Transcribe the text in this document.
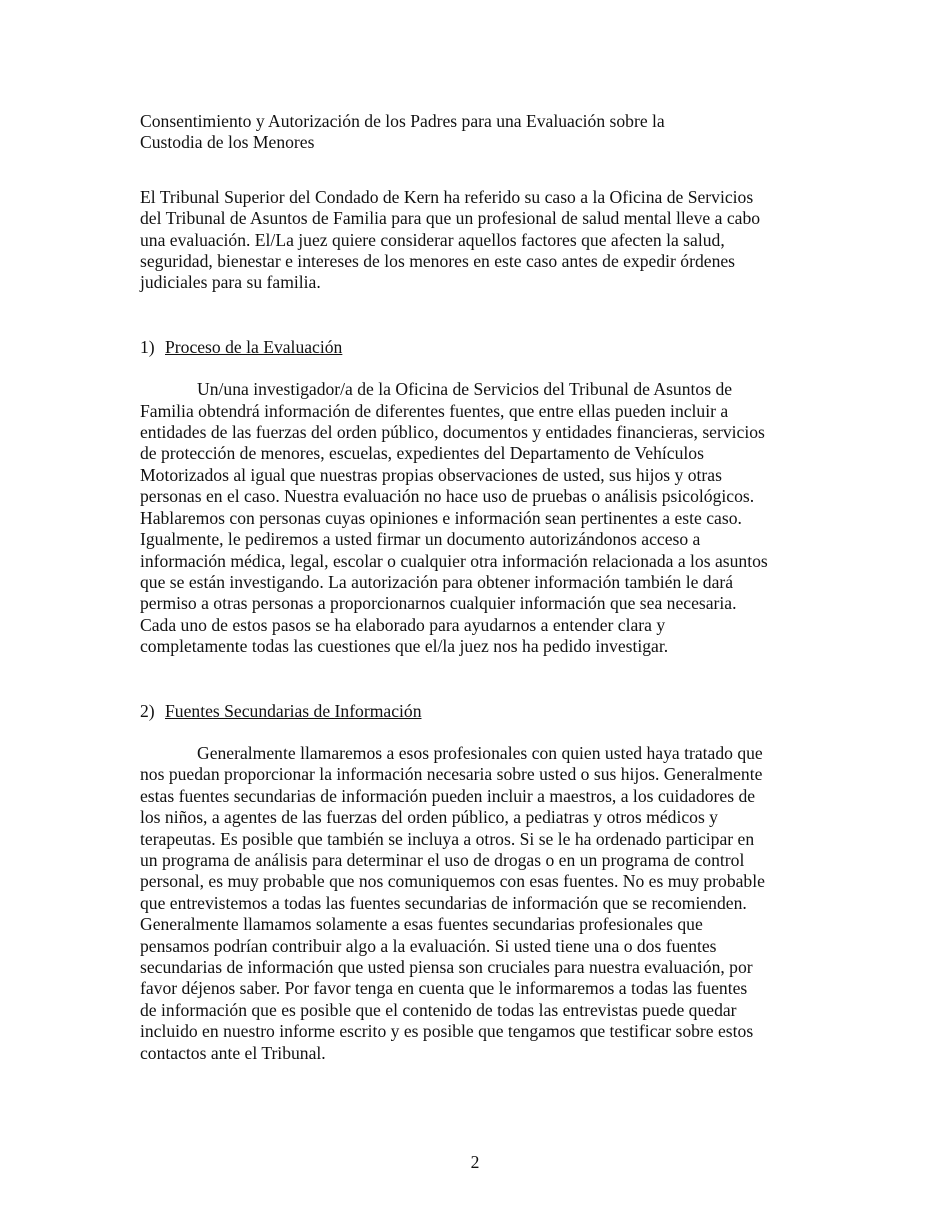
Consentimiento y Autorización de los Padres para una Evaluación sobre la
Custodia de los Menores

El Tribunal Superior del Condado de Kern ha referido su caso a la Oficina de Servicios
del Tribunal de Asuntos de Familia para que un profesional de salud mental lleve a cabo
una evaluación. El/La juez quiere considerar aquellos factores que afecten la salud,
seguridad, bienestar e intereses de los menores en este caso antes de expedir órdenes
judiciales para su familia.

1) Proceso de la Evaluación

Un/una investigador/a de la Oficina de Servicios del Tribunal de Asuntos de
Familia obtendrá información de diferentes fuentes, que entre ellas pueden incluir a
entidades de las fuerzas del orden público, documentos y entidades financieras, servicios
de protección de menores, escuelas, expedientes del Departamento de Vehículos
Motorizados al igual que nuestras propias observaciones de usted, sus hijos y otras
personas en el caso. Nuestra evaluación no hace uso de pruebas o análisis psicológicos.
Hablaremos con personas cuyas opiniones e información sean pertinentes a este caso.
Igualmente, le pediremos a usted firmar un documento autorizándonos acceso a
información médica, legal, escolar o cualquier otra información relacionada a los asuntos
que se están investigando. La autorización para obtener información también le dará
permiso a otras personas a proporcionarnos cualquier información que sea necesaria.
Cada uno de estos pasos se ha elaborado para ayudarnos a entender clara y
completamente todas las cuestiones que el/la juez nos ha pedido investigar.

2) Fuentes Secundarias de Información

Generalmente llamaremos a esos profesionales con quien usted haya tratado que
nos puedan proporcionar la información necesaria sobre usted o sus hijos. Generalmente
estas fuentes secundarias de información pueden incluir a maestros, a los cuidadores de
los niños, a agentes de las fuerzas del orden público, a pediatras y otros médicos y
terapeutas. Es posible que también se incluya a otros. Si se le ha ordenado participar en
un programa de análisis para determinar el uso de drogas o en un programa de control
personal, es muy probable que nos comuniquemos con esas fuentes. No es muy probable
que entrevistemos a todas las fuentes secundarias de información que se recomienden.
Generalmente llamamos solamente a esas fuentes secundarias profesionales que
pensamos podrían contribuir algo a la evaluación. Si usted tiene una o dos fuentes
secundarias de información que usted piensa son cruciales para nuestra evaluación, por
favor déjenos saber. Por favor tenga en cuenta que le informaremos a todas las fuentes
de información que es posible que el contenido de todas las entrevistas puede quedar
incluido en nuestro informe escrito y es posible que tengamos que testificar sobre estos
contactos ante el Tribunal.

2
